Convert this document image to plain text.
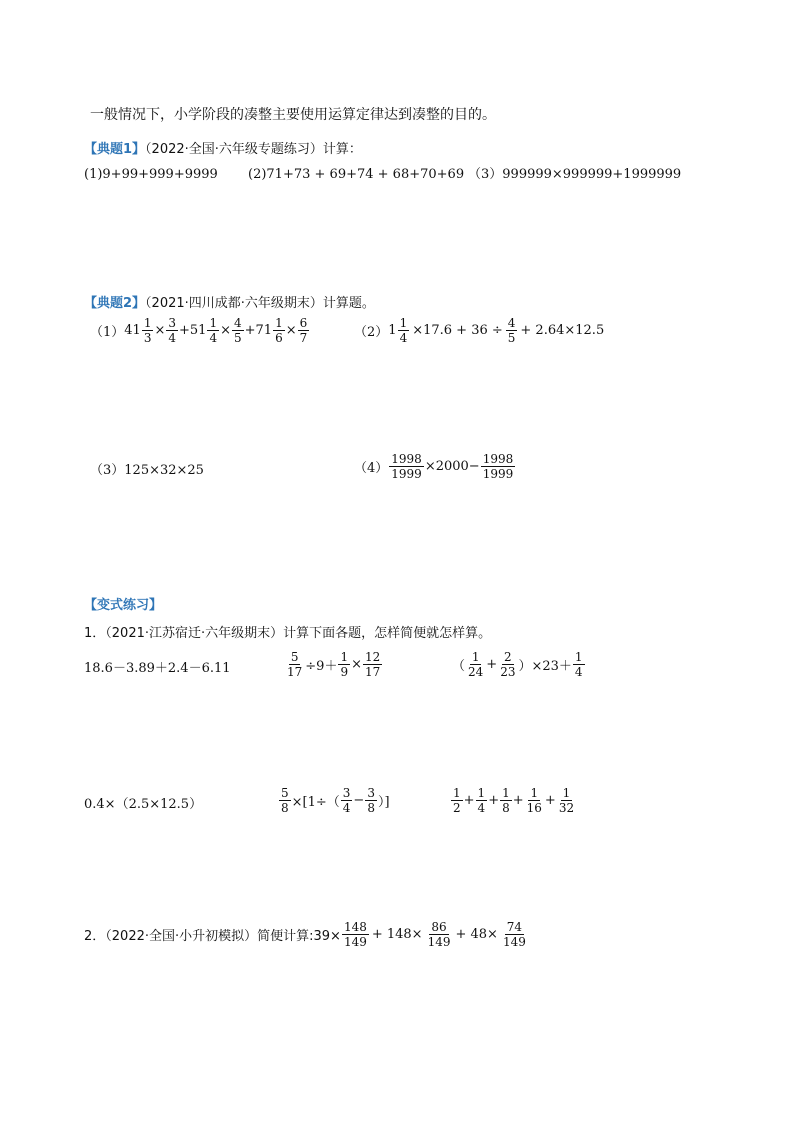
一般情况下，小学阶段的凑整主要使用运算定律达到凑整的目的。
【典题1】（2022·全国·六年级专题练习）计算：
(1)9+99+999+9999 (2)71+73 + 69+74 + 68+70+69 （3）999999×999999+1999999
【典题2】（2021·四川成都·六年级期末）计算题。
（1） $41 \frac{1}{3} \times \frac{3}{4} +51 \frac{1}{4} \times \frac{4}{5} +71 \frac{1}{6} \times \frac{6}{7}$	（2） $1 \frac{1}{4} \times 17.6 + 36 \div \frac{4}{5} + 2.64\times 12.5$
（3）125×32×25	$(4) \frac{1998}{1999} \times 2000- \frac{1998}{1999}$
【变式练习】
1．（2021·江苏宿迁·六年级期末）计算下面各题，怎样简便就怎样算。
18.6－3.89＋2.4－6.11	$\frac{5}{17} \div 9+ \frac{1}{9} \times \frac{12}{17}$	（ $\frac{1}{24} + \frac{2}{23} )\times 23+ \frac{1}{4}$
0.4×（2.5×12.5）	$\frac{5}{8} \times[1\div( \frac{3}{4} - \frac{3}{8}$ ）]	$\frac{1}{2} + \frac{1}{4} + \frac{1}{8} + \frac{1}{16} + \frac{1}{32}$
2．（2022·全国·小升初模拟）简便计算:39× $\frac{148}{149} + 148\times \frac{86}{149} + 48\times \frac{74}{149}$
